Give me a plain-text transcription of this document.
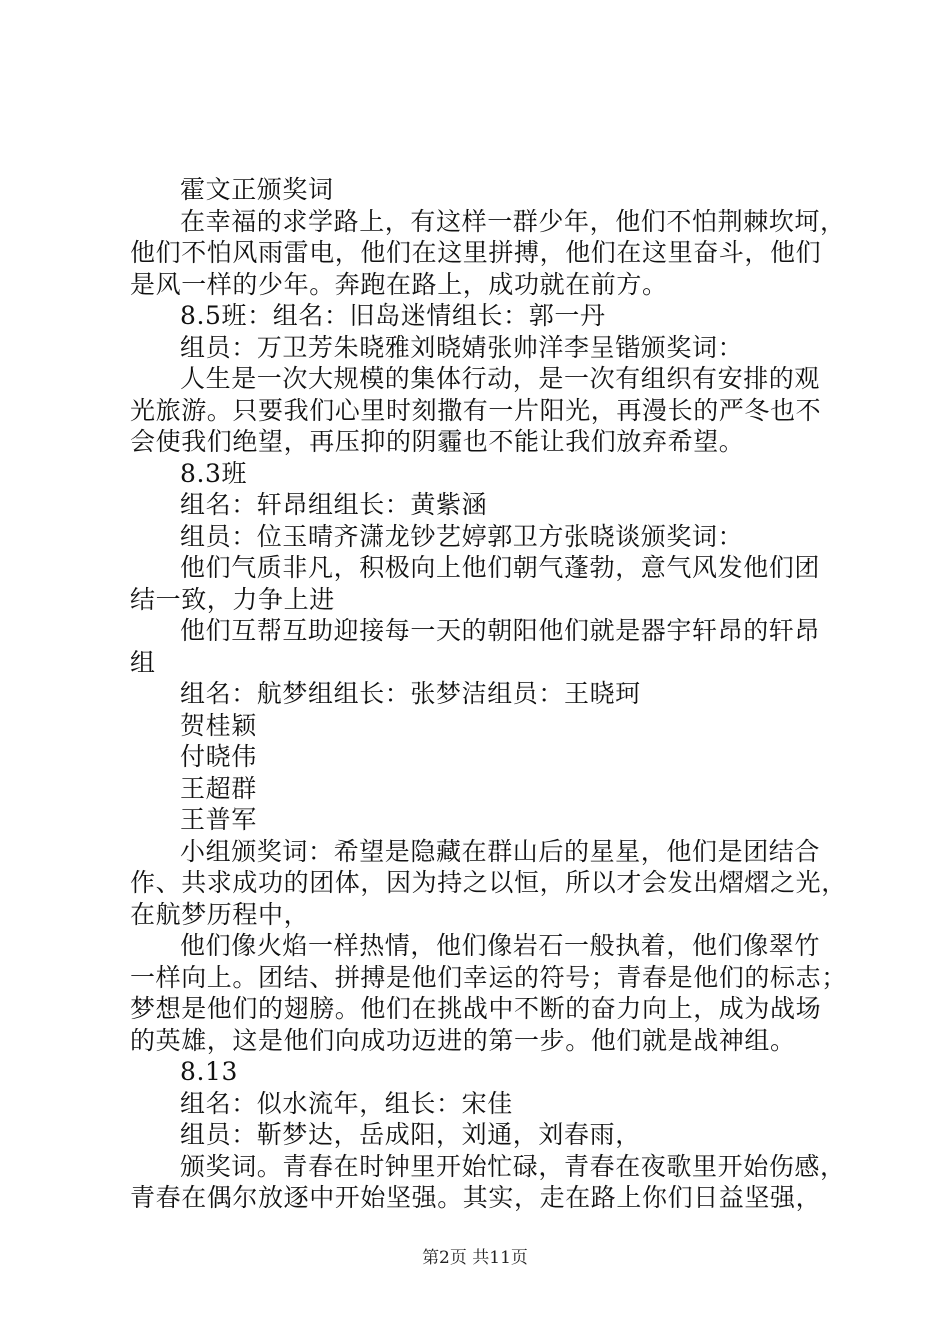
霍文正颁奖词
在幸福的求学路上，有这样一群少年，他们不怕荆棘坎坷，
他们不怕风雨雷电，他们在这里拼搏，他们在这里奋斗，他们
是风一样的少年。奔跑在路上，成功就在前方。
8.5班：组名：旧岛迷情组长：郭一丹
组员：万卫芳朱晓雅刘晓婧张帅洋李呈锴颁奖词：
人生是一次大规模的集体行动，是一次有组织有安排的观
光旅游。只要我们心里时刻撒有一片阳光，再漫长的严冬也不
会使我们绝望，再压抑的阴霾也不能让我们放弃希望。
8.3班
组名：轩昂组组长：黄紫涵
组员：位玉晴齐潇龙钞艺婷郭卫方张晓谈颁奖词：
他们气质非凡，积极向上他们朝气蓬勃，意气风发他们团
结一致，力争上进
他们互帮互助迎接每一天的朝阳他们就是器宇轩昂的轩昂
组
组名：航梦组组长：张梦洁组员：王晓珂
贺桂颖
付晓伟
王超群
王普军
小组颁奖词：希望是隐藏在群山后的星星，他们是团结合
作、共求成功的团体，因为持之以恒，所以才会发出熠熠之光，
在航梦历程中，
他们像火焰一样热情，他们像岩石一般执着，他们像翠竹
一样向上。团结、拼搏是他们幸运的符号；青春是他们的标志；
梦想是他们的翅膀。他们在挑战中不断的奋力向上，成为战场
的英雄，这是他们向成功迈进的第一步。他们就是战神组。
8.13
组名：似水流年，组长：宋佳
组员：靳梦达，岳成阳，刘通，刘春雨，
颁奖词。青春在时钟里开始忙碌，青春在夜歌里开始伤感，
青春在偶尔放逐中开始坚强。其实，走在路上你们日益坚强，
第2页 共11页
